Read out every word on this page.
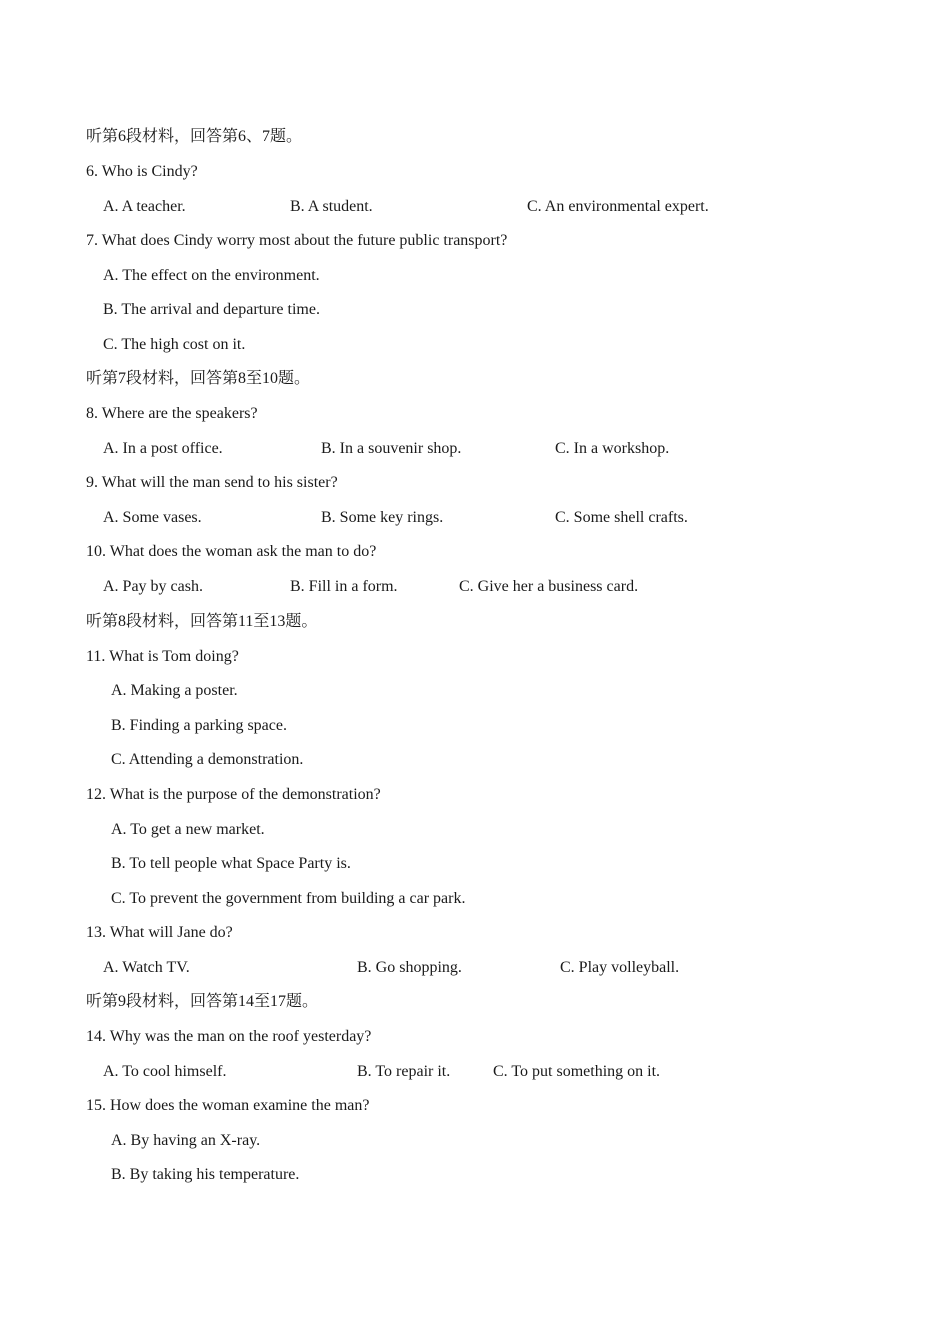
听第6段材料，回答第6、7题。
6. Who is Cindy?
A. A teacher.	B. A student.	C. An environmental expert.
7. What does Cindy worry most about the future public transport?
A. The effect on the environment.
B. The arrival and departure time.
C. The high cost on it.
听第7段材料，回答第8至10题。
8. Where are the speakers?
A. In a post office.	B. In a souvenir shop.	C. In a workshop.
9. What will the man send to his sister?
A. Some vases.	B. Some key rings.	C. Some shell crafts.
10. What does the woman ask the man to do?
A. Pay by cash.	B. Fill in a form.	C. Give her a business card.
听第8段材料，回答第11至13题。
11. What is Tom doing?
A. Making a poster.
B. Finding a parking space.
C. Attending a demonstration.
12. What is the purpose of the demonstration?
A. To get a new market.
B. To tell people what Space Party is.
C. To prevent the government from building a car park.
13. What will Jane do?
A. Watch TV.	B. Go shopping.	C. Play volleyball.
听第9段材料，回答第14至17题。
14. Why was the man on the roof yesterday?
A. To cool himself.	B. To repair it.	C. To put something on it.
15. How does the woman examine the man?
A. By having an X-ray.
B. By taking his temperature.
